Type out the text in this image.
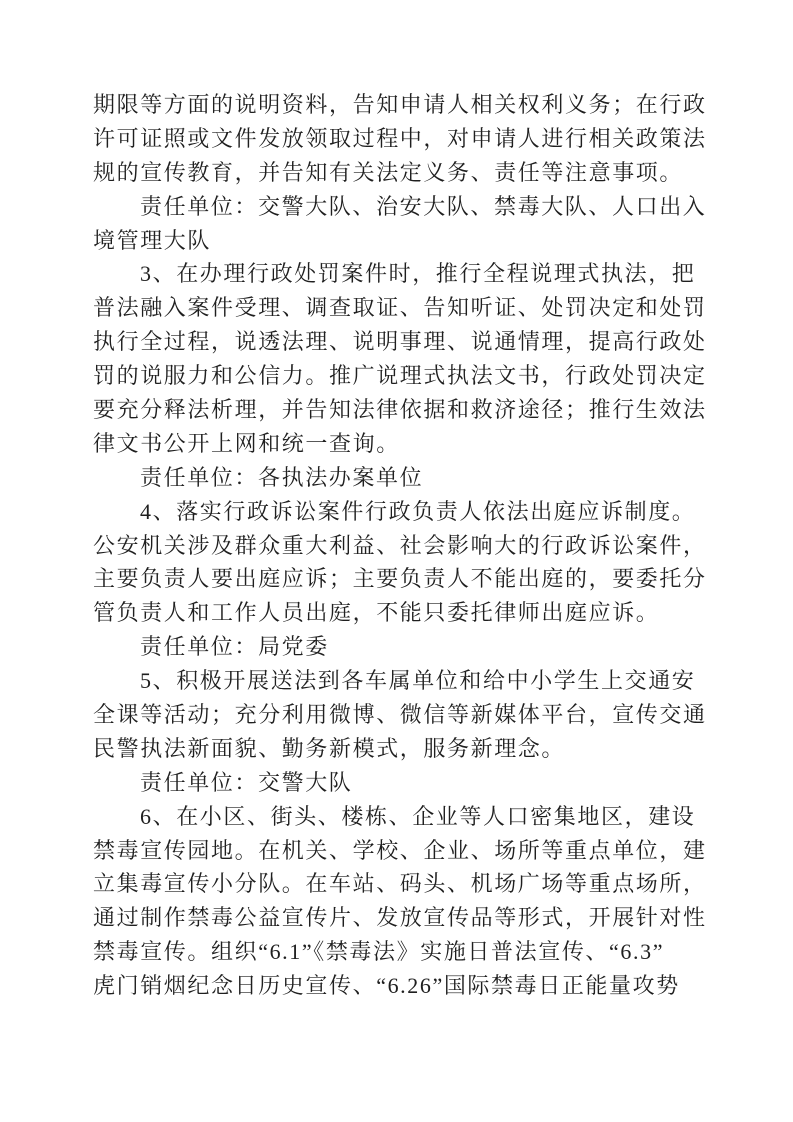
期限等方面的说明资料，告知申请人相关权利义务；在行政
许可证照或文件发放领取过程中，对申请人进行相关政策法
规的宣传教育，并告知有关法定义务、责任等注意事项。
责任单位：交警大队、治安大队、禁毒大队、人口出入
境管理大队
3、在办理行政处罚案件时，推行全程说理式执法，把
普法融入案件受理、调查取证、告知听证、处罚决定和处罚
执行全过程，说透法理、说明事理、说通情理，提高行政处
罚的说服力和公信力。推广说理式执法文书，行政处罚决定
要充分释法析理，并告知法律依据和救济途径；推行生效法
律文书公开上网和统一查询。
责任单位：各执法办案单位
4、落实行政诉讼案件行政负责人依法出庭应诉制度。
公安机关涉及群众重大利益、社会影响大的行政诉讼案件，
主要负责人要出庭应诉；主要负责人不能出庭的，要委托分
管负责人和工作人员出庭，不能只委托律师出庭应诉。
责任单位：局党委
5、积极开展送法到各车属单位和给中小学生上交通安
全课等活动；充分利用微博、微信等新媒体平台，宣传交通
民警执法新面貌、勤务新模式，服务新理念。
责任单位：交警大队
6、在小区、街头、楼栋、企业等人口密集地区，建设
禁毒宣传园地。在机关、学校、企业、场所等重点单位，建
立集毒宣传小分队。在车站、码头、机场广场等重点场所，
通过制作禁毒公益宣传片、发放宣传品等形式，开展针对性
禁毒宣传。组织“6.1”《禁毒法》实施日普法宣传、“6.3”
虎门销烟纪念日历史宣传、“6.26”国际禁毒日正能量攻势
